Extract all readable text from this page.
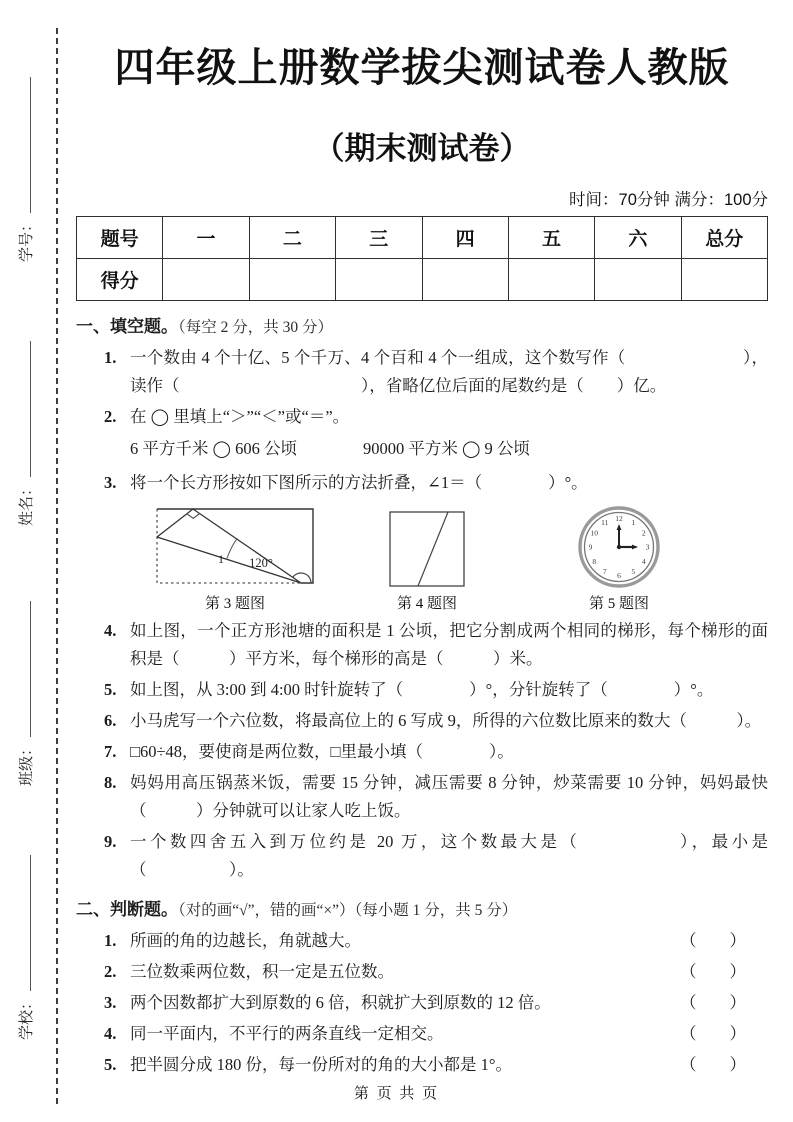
学号：
姓名：
班级：
学校：
四年级上册数学拔尖测试卷人教版
（期末测试卷）
时间：70分钟 满分：100分
题号	一	二	三	四	五	六	总分
得分							
一、填空题。（每空 2 分，共 30 分）
1. 一个数由 4 个十亿、5 个千万、4 个百和 4 个一组成，这个数写作（　　　　　　　），读作（　　　　　　　　　　　），省略亿位后面的尾数约是（　　）亿。
2. 在 ◯ 里填上“＞”“＜”或“＝”。
6 平方千米 ◯ 606 公顷　　　　90000 平方米 ◯ 9 公顷
3. 将一个长方形按如下图所示的方法折叠，∠1＝（　　　　）°。
1 120°
第 3 题图	第 4 题图
1
2
3
4
5
6
7
8
9
10
11 12
第 5 题图
4. 如上图，一个正方形池塘的面积是 1 公顷，把它分割成两个相同的梯形，每个梯形的面积是（　　　）平方米，每个梯形的高是（　　　）米。
5. 如上图，从 3:00 到 4:00 时针旋转了（　　　　）°，分针旋转了（　　　　）°。
6. 小马虎写一个六位数，将最高位上的 6 写成 9，所得的六位数比原来的数大（　　　）。
7. □60÷48，要使商是两位数，□里最小填（　　　　）。
8. 妈妈用高压锅蒸米饭，需要 15 分钟，减压需要 8 分钟，炒菜需要 10 分钟，妈妈最快（　　　）分钟就可以让家人吃上饭。
9. 一个数四舍五入到万位约是 20 万，这个数最大是（　　　　　），最小是（　　　　　）。
二、判断题。（对的画“√”，错的画“×”）（每小题 1 分，共 5 分）
1. 所画的角的边越长，角就越大。	（　　）
2. 三位数乘两位数，积一定是五位数。	（　　）
3. 两个因数都扩大到原数的 6 倍，积就扩大到原数的 12 倍。	（　　）
4. 同一平面内，不平行的两条直线一定相交。	（　　）
5. 把半圆分成 180 份，每一份所对的角的大小都是 1°。	（　　）
第 页 共 页
